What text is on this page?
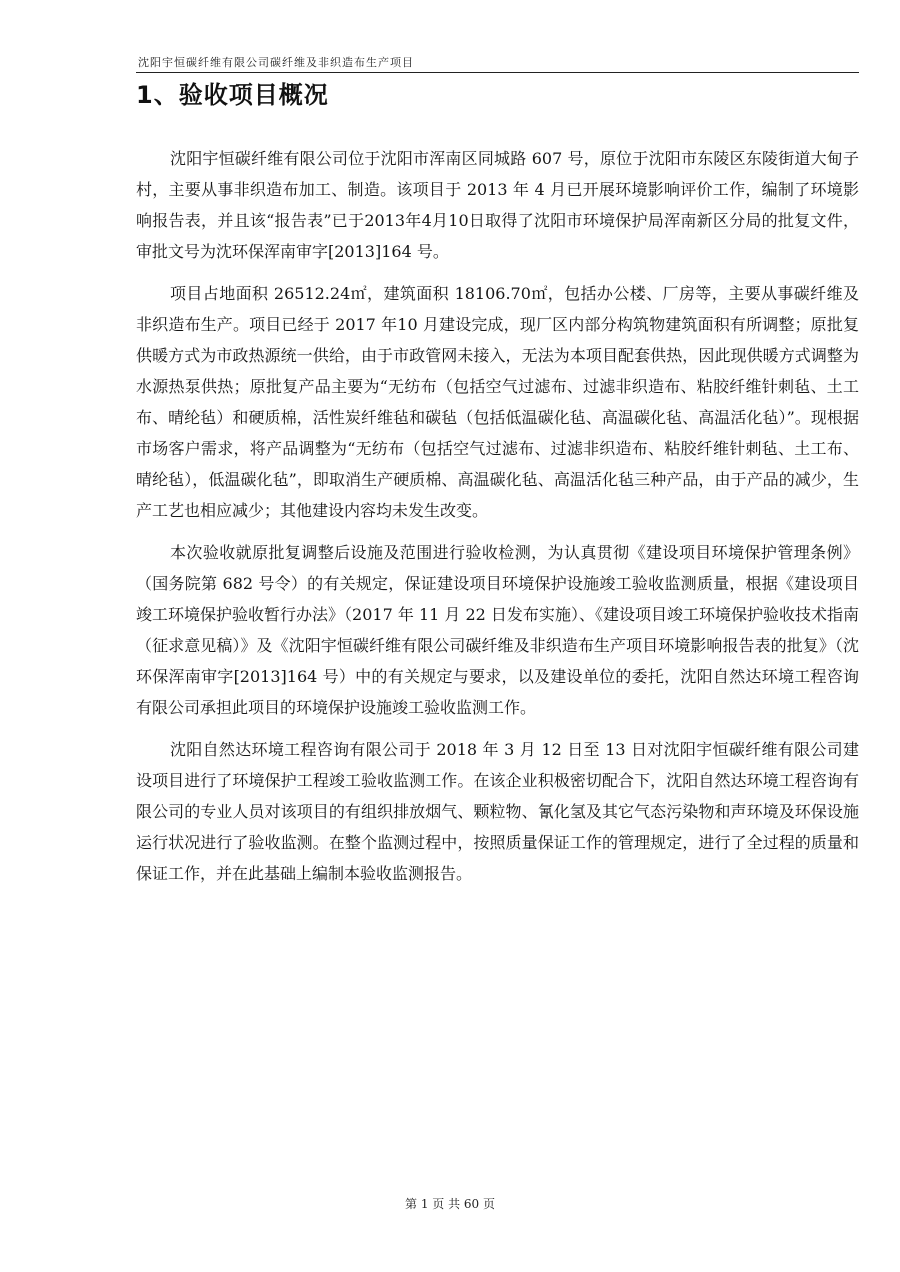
沈阳宇恒碳纤维有限公司碳纤维及非织造布生产项目
1、验收项目概况

沈阳宇恒碳纤维有限公司位于沈阳市浑南区同城路 607 号，原位于沈阳市东陵区东陵街道大甸子村，主要从事非织造布加工、制造。该项目于 2013 年 4 月已开展环境影响评价工作，编制了环境影响报告表，并且该“报告表”已于2013年4月10日取得了沈阳市环境保护局浑南新区分局的批复文件，审批文号为沈环保浑南审字[2013]164 号。

项目占地面积 26512.24㎡，建筑面积 18106.70㎡，包括办公楼、厂房等，主要从事碳纤维及非织造布生产。项目已经于 2017 年10 月建设完成，现厂区内部分构筑物建筑面积有所调整；原批复供暖方式为市政热源统一供给，由于市政管网未接入，无法为本项目配套供热，因此现供暖方式调整为水源热泵供热；原批复产品主要为“无纺布（包括空气过滤布、过滤非织造布、粘胶纤维针刺毡、土工布、晴纶毡）和硬质棉，活性炭纤维毡和碳毡（包括低温碳化毡、高温碳化毡、高温活化毡）”。现根据市场客户需求，将产品调整为“无纺布（包括空气过滤布、过滤非织造布、粘胶纤维针刺毡、土工布、晴纶毡），低温碳化毡”，即取消生产硬质棉、高温碳化毡、高温活化毡三种产品，由于产品的减少，生产工艺也相应减少；其他建设内容均未发生改变。

本次验收就原批复调整后设施及范围进行验收检测，为认真贯彻《建设项目环境保护管理条例》（国务院第 682 号令）的有关规定，保证建设项目环境保护设施竣工验收监测质量，根据《建设项目竣工环境保护验收暂行办法》（2017 年 11 月 22 日发布实施）、《建设项目竣工环境保护验收技术指南（征求意见稿）》及《沈阳宇恒碳纤维有限公司碳纤维及非织造布生产项目环境影响报告表的批复》（沈环保浑南审字[2013]164 号）中的有关规定与要求，以及建设单位的委托，沈阳自然达环境工程咨询有限公司承担此项目的环境保护设施竣工验收监测工作。

沈阳自然达环境工程咨询有限公司于 2018 年 3 月 12 日至 13 日对沈阳宇恒碳纤维有限公司建设项目进行了环境保护工程竣工验收监测工作。在该企业积极密切配合下，沈阳自然达环境工程咨询有限公司的专业人员对该项目的有组织排放烟气、颗粒物、氰化氢及其它气态污染物和声环境及环保设施运行状况进行了验收监测。在整个监测过程中，按照质量保证工作的管理规定，进行了全过程的质量和保证工作，并在此基础上编制本验收监测报告。

第 1 页 共 60 页
